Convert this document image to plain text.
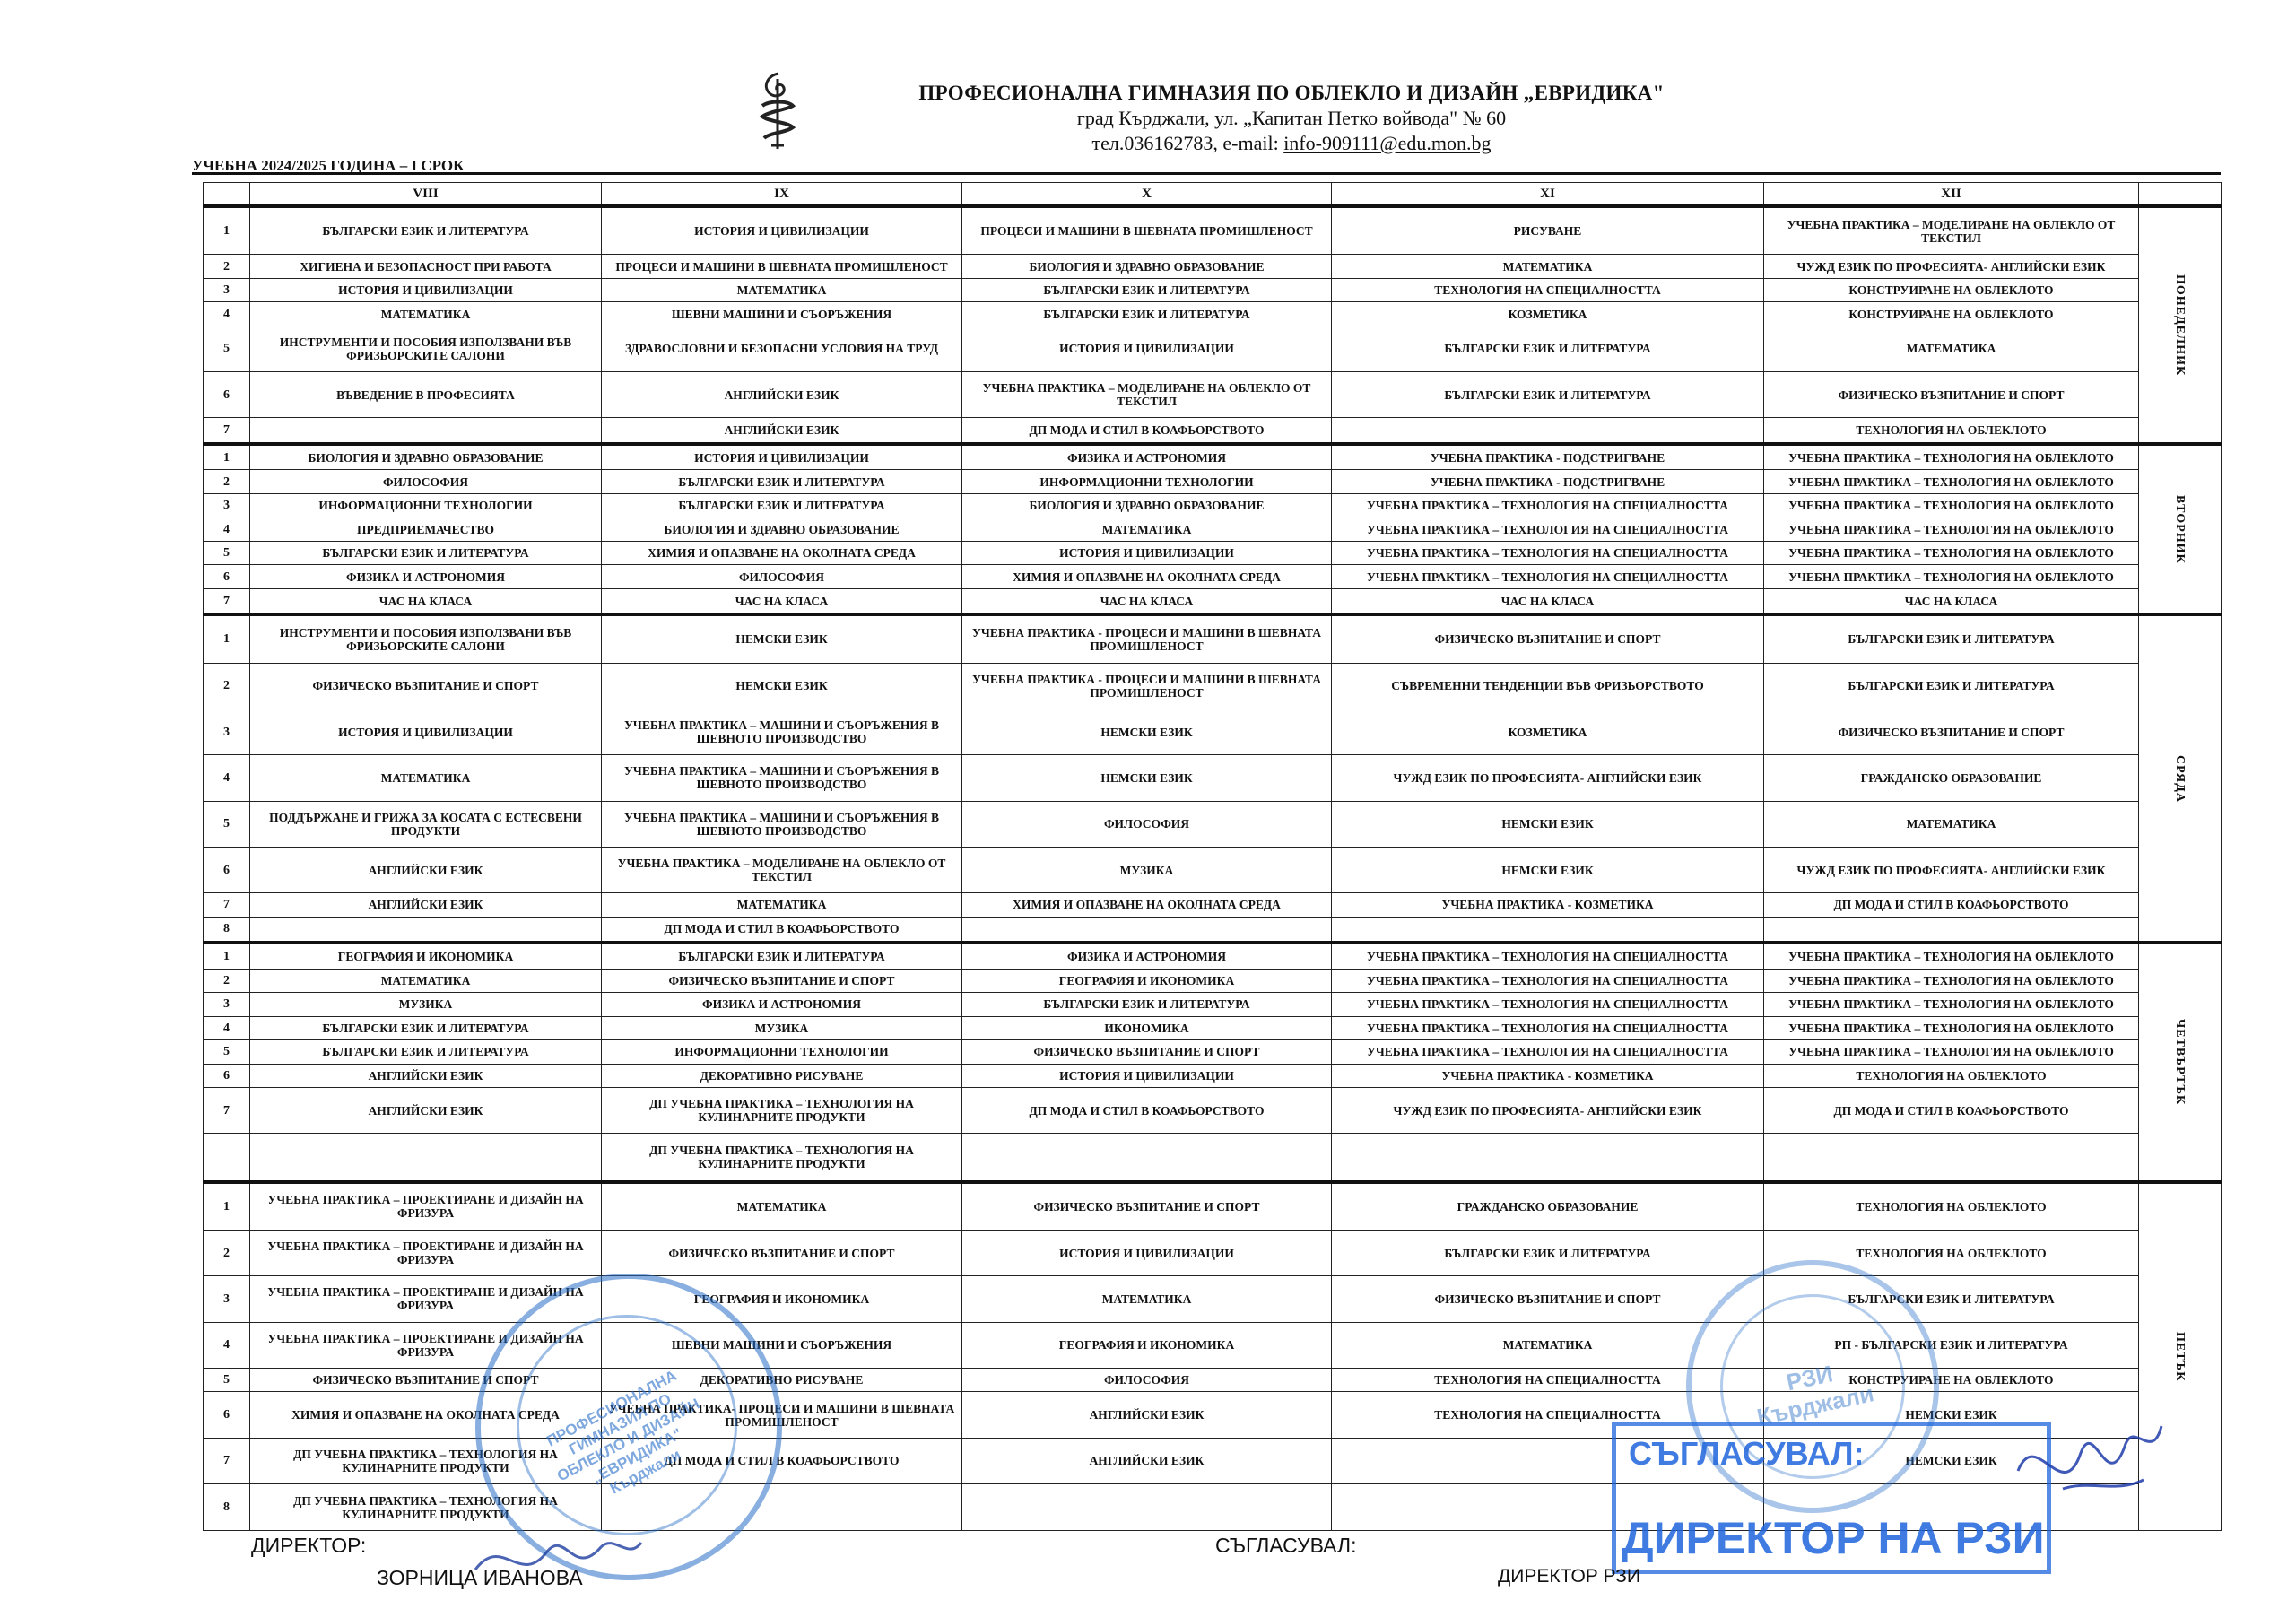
ПРОФЕСИОНАЛНА ГИМНАЗИЯ ПО ОБЛЕКЛО И ДИЗАЙН „ЕВРИДИКА"
град Кърджали, ул. „Капитан Петко войвода" № 60
тел.036162783, e-mail: info-909111@edu.mon.bg
УЧЕБНА 2024/2025 ГОДИНА – I СРОК
	VIII	IX	X	XI	XII	
1	БЪЛГАРСКИ ЕЗИК И ЛИТЕРАТУРА	ИСТОРИЯ И ЦИВИЛИЗАЦИИ	ПРОЦЕСИ И МАШИНИ В ШЕВНАТА ПРОМИШЛЕНОСТ	РИСУВАНЕ	УЧЕБНА ПРАКТИКА – МОДЕЛИРАНЕ НА ОБЛЕКЛО ОТ ТЕКСТИЛ	ПОНЕДЕЛНИК

2	ХИГИЕНА И БЕЗОПАСНОСТ ПРИ РАБОТА	ПРОЦЕСИ И МАШИНИ В ШЕВНАТА ПРОМИШЛЕНОСТ	БИОЛОГИЯ И ЗДРАВНО ОБРАЗОВАНИЕ	МАТЕМАТИКА	ЧУЖД ЕЗИК ПО ПРОФЕСИЯТА- АНГЛИЙСКИ ЕЗИК	
3	ИСТОРИЯ И ЦИВИЛИЗАЦИИ	МАТЕМАТИКА	БЪЛГАРСКИ ЕЗИК И ЛИТЕРАТУРА	ТЕХНОЛОГИЯ НА СПЕЦИАЛНОСТТА	КОНСТРУИРАНЕ НА ОБЛЕКЛОТО	
4	МАТЕМАТИКА	ШЕВНИ МАШИНИ И СЪОРЪЖЕНИЯ	БЪЛГАРСКИ ЕЗИК И ЛИТЕРАТУРА	КОЗМЕТИКА	КОНСТРУИРАНЕ НА ОБЛЕКЛОТО	
5	ИНСТРУМЕНТИ И ПОСОБИЯ ИЗПОЛЗВАНИ ВЪВ ФРИЗЬОРСКИТЕ САЛОНИ	ЗДРАВОСЛОВНИ И БЕЗОПАСНИ УСЛОВИЯ НА ТРУД	ИСТОРИЯ И ЦИВИЛИЗАЦИИ	БЪЛГАРСКИ ЕЗИК И ЛИТЕРАТУРА	МАТЕМАТИКА	
6	ВЪВЕДЕНИЕ В ПРОФЕСИЯТА	АНГЛИЙСКИ ЕЗИК	УЧЕБНА ПРАКТИКА – МОДЕЛИРАНЕ НА ОБЛЕКЛО ОТ ТЕКСТИЛ	БЪЛГАРСКИ ЕЗИК И ЛИТЕРАТУРА	ФИЗИЧЕСКО ВЪЗПИТАНИЕ И СПОРТ	
7		АНГЛИЙСКИ ЕЗИК	ДП МОДА И СТИЛ В КОАФЬОРСТВОТО		ТЕХНОЛОГИЯ НА ОБЛЕКЛОТО	
1	БИОЛОГИЯ И ЗДРАВНО ОБРАЗОВАНИЕ	ИСТОРИЯ И ЦИВИЛИЗАЦИИ	ФИЗИКА И АСТРОНОМИЯ	УЧЕБНА ПРАКТИКА - ПОДСТРИГВАНЕ	УЧЕБНА ПРАКТИКА – ТЕХНОЛОГИЯ НА ОБЛЕКЛОТО	ВТОРНИК

2	ФИЛОСОФИЯ	БЪЛГАРСКИ ЕЗИК И ЛИТЕРАТУРА	ИНФОРМАЦИОННИ ТЕХНОЛОГИИ	УЧЕБНА ПРАКТИКА - ПОДСТРИГВАНЕ	УЧЕБНА ПРАКТИКА – ТЕХНОЛОГИЯ НА ОБЛЕКЛОТО	
3	ИНФОРМАЦИОННИ ТЕХНОЛОГИИ	БЪЛГАРСКИ ЕЗИК И ЛИТЕРАТУРА	БИОЛОГИЯ И ЗДРАВНО ОБРАЗОВАНИЕ	УЧЕБНА ПРАКТИКА – ТЕХНОЛОГИЯ НА СПЕЦИАЛНОСТТА	УЧЕБНА ПРАКТИКА – ТЕХНОЛОГИЯ НА ОБЛЕКЛОТО	
4	ПРЕДПРИЕМАЧЕСТВО	БИОЛОГИЯ И ЗДРАВНО ОБРАЗОВАНИЕ	МАТЕМАТИКА	УЧЕБНА ПРАКТИКА – ТЕХНОЛОГИЯ НА СПЕЦИАЛНОСТТА	УЧЕБНА ПРАКТИКА – ТЕХНОЛОГИЯ НА ОБЛЕКЛОТО	
5	БЪЛГАРСКИ ЕЗИК И ЛИТЕРАТУРА	ХИМИЯ И ОПАЗВАНЕ НА ОКОЛНАТА СРЕДА	ИСТОРИЯ И ЦИВИЛИЗАЦИИ	УЧЕБНА ПРАКТИКА – ТЕХНОЛОГИЯ НА СПЕЦИАЛНОСТТА	УЧЕБНА ПРАКТИКА – ТЕХНОЛОГИЯ НА ОБЛЕКЛОТО	
6	ФИЗИКА И АСТРОНОМИЯ	ФИЛОСОФИЯ	ХИМИЯ И ОПАЗВАНЕ НА ОКОЛНАТА СРЕДА	УЧЕБНА ПРАКТИКА – ТЕХНОЛОГИЯ НА СПЕЦИАЛНОСТТА	УЧЕБНА ПРАКТИКА – ТЕХНОЛОГИЯ НА ОБЛЕКЛОТО	
7	ЧАС НА КЛАСА	ЧАС НА КЛАСА	ЧАС НА КЛАСА	ЧАС НА КЛАСА	ЧАС НА КЛАСА	
1	ИНСТРУМЕНТИ И ПОСОБИЯ ИЗПОЛЗВАНИ ВЪВ ФРИЗЬОРСКИТЕ САЛОНИ	НЕМСКИ ЕЗИК	УЧЕБНА ПРАКТИКА - ПРОЦЕСИ И МАШИНИ В ШЕВНАТА ПРОМИШЛЕНОСТ	ФИЗИЧЕСКО ВЪЗПИТАНИЕ И СПОРТ	БЪЛГАРСКИ ЕЗИК И ЛИТЕРАТУРА	СРЯДА

2	ФИЗИЧЕСКО ВЪЗПИТАНИЕ И СПОРТ	НЕМСКИ ЕЗИК	УЧЕБНА ПРАКТИКА - ПРОЦЕСИ И МАШИНИ В ШЕВНАТА ПРОМИШЛЕНОСТ	СЪВРЕМЕННИ ТЕНДЕНЦИИ ВЪВ ФРИЗЬОРСТВОТО	БЪЛГАРСКИ ЕЗИК И ЛИТЕРАТУРА	
3	ИСТОРИЯ И ЦИВИЛИЗАЦИИ	УЧЕБНА ПРАКТИКА – МАШИНИ И СЪОРЪЖЕНИЯ В ШЕВНОТО ПРОИЗВОДСТВО	НЕМСКИ ЕЗИК	КОЗМЕТИКА	ФИЗИЧЕСКО ВЪЗПИТАНИЕ И СПОРТ	
4	МАТЕМАТИКА	УЧЕБНА ПРАКТИКА – МАШИНИ И СЪОРЪЖЕНИЯ В ШЕВНОТО ПРОИЗВОДСТВО	НЕМСКИ ЕЗИК	ЧУЖД ЕЗИК ПО ПРОФЕСИЯТА- АНГЛИЙСКИ ЕЗИК	ГРАЖДАНСКО ОБРАЗОВАНИЕ	
5	ПОДДЪРЖАНЕ И ГРИЖА ЗА КОСАТА С ЕСТЕСВЕНИ ПРОДУКТИ	УЧЕБНА ПРАКТИКА – МАШИНИ И СЪОРЪЖЕНИЯ В ШЕВНОТО ПРОИЗВОДСТВО	ФИЛОСОФИЯ	НЕМСКИ ЕЗИК	МАТЕМАТИКА	
6	АНГЛИЙСКИ ЕЗИК	УЧЕБНА ПРАКТИКА – МОДЕЛИРАНЕ НА ОБЛЕКЛО ОТ ТЕКСТИЛ	МУЗИКА	НЕМСКИ ЕЗИК	ЧУЖД ЕЗИК ПО ПРОФЕСИЯТА- АНГЛИЙСКИ ЕЗИК	
7	АНГЛИЙСКИ ЕЗИК	МАТЕМАТИКА	ХИМИЯ И ОПАЗВАНЕ НА ОКОЛНАТА СРЕДА	УЧЕБНА ПРАКТИКА - КОЗМЕТИКА	ДП МОДА И СТИЛ В КОАФЬОРСТВОТО	
8		ДП МОДА И СТИЛ В КОАФЬОРСТВОТО				
1	ГЕОГРАФИЯ И ИКОНОМИКА	БЪЛГАРСКИ ЕЗИК И ЛИТЕРАТУРА	ФИЗИКА И АСТРОНОМИЯ	УЧЕБНА ПРАКТИКА – ТЕХНОЛОГИЯ НА СПЕЦИАЛНОСТТА	УЧЕБНА ПРАКТИКА – ТЕХНОЛОГИЯ НА ОБЛЕКЛОТО	ЧЕТВЪРТЪК

2	МАТЕМАТИКА	ФИЗИЧЕСКО ВЪЗПИТАНИЕ И СПОРТ	ГЕОГРАФИЯ И ИКОНОМИКА	УЧЕБНА ПРАКТИКА – ТЕХНОЛОГИЯ НА СПЕЦИАЛНОСТТА	УЧЕБНА ПРАКТИКА – ТЕХНОЛОГИЯ НА ОБЛЕКЛОТО	
3	МУЗИКА	ФИЗИКА И АСТРОНОМИЯ	БЪЛГАРСКИ ЕЗИК И ЛИТЕРАТУРА	УЧЕБНА ПРАКТИКА – ТЕХНОЛОГИЯ НА СПЕЦИАЛНОСТТА	УЧЕБНА ПРАКТИКА – ТЕХНОЛОГИЯ НА ОБЛЕКЛОТО	
4	БЪЛГАРСКИ ЕЗИК И ЛИТЕРАТУРА	МУЗИКА	ИКОНОМИКА	УЧЕБНА ПРАКТИКА – ТЕХНОЛОГИЯ НА СПЕЦИАЛНОСТТА	УЧЕБНА ПРАКТИКА – ТЕХНОЛОГИЯ НА ОБЛЕКЛОТО	
5	БЪЛГАРСКИ ЕЗИК И ЛИТЕРАТУРА	ИНФОРМАЦИОННИ ТЕХНОЛОГИИ	ФИЗИЧЕСКО ВЪЗПИТАНИЕ И СПОРТ	УЧЕБНА ПРАКТИКА – ТЕХНОЛОГИЯ НА СПЕЦИАЛНОСТТА	УЧЕБНА ПРАКТИКА – ТЕХНОЛОГИЯ НА ОБЛЕКЛОТО	
6	АНГЛИЙСКИ ЕЗИК	ДЕКОРАТИВНО РИСУВАНЕ	ИСТОРИЯ И ЦИВИЛИЗАЦИИ	УЧЕБНА ПРАКТИКА - КОЗМЕТИКА	ТЕХНОЛОГИЯ НА ОБЛЕКЛОТО	
7	АНГЛИЙСКИ ЕЗИК	ДП УЧЕБНА ПРАКТИКА – ТЕХНОЛОГИЯ НА КУЛИНАРНИТЕ ПРОДУКТИ	ДП МОДА И СТИЛ В КОАФЬОРСТВОТО	ЧУЖД ЕЗИК ПО ПРОФЕСИЯТА- АНГЛИЙСКИ ЕЗИК	ДП МОДА И СТИЛ В КОАФЬОРСТВОТО	
		ДП УЧЕБНА ПРАКТИКА – ТЕХНОЛОГИЯ НА КУЛИНАРНИТЕ ПРОДУКТИ				
1	УЧЕБНА ПРАКТИКА – ПРОЕКТИРАНЕ И ДИЗАЙН НА ФРИЗУРА	МАТЕМАТИКА	ФИЗИЧЕСКО ВЪЗПИТАНИЕ И СПОРТ	ГРАЖДАНСКО ОБРАЗОВАНИЕ	ТЕХНОЛОГИЯ НА ОБЛЕКЛОТО	ПЕТЪК

2	УЧЕБНА ПРАКТИКА – ПРОЕКТИРАНЕ И ДИЗАЙН НА ФРИЗУРА	ФИЗИЧЕСКО ВЪЗПИТАНИЕ И СПОРТ	ИСТОРИЯ И ЦИВИЛИЗАЦИИ	БЪЛГАРСКИ ЕЗИК И ЛИТЕРАТУРА	ТЕХНОЛОГИЯ НА ОБЛЕКЛОТО	
3	УЧЕБНА ПРАКТИКА – ПРОЕКТИРАНЕ И ДИЗАЙН НА ФРИЗУРА	ГЕОГРАФИЯ И ИКОНОМИКА	МАТЕМАТИКА	ФИЗИЧЕСКО ВЪЗПИТАНИЕ И СПОРТ	БЪЛГАРСКИ ЕЗИК И ЛИТЕРАТУРА	
4	УЧЕБНА ПРАКТИКА – ПРОЕКТИРАНЕ И ДИЗАЙН НА ФРИЗУРА	ШЕВНИ МАШИНИ И СЪОРЪЖЕНИЯ	ГЕОГРАФИЯ И ИКОНОМИКА	МАТЕМАТИКА	РП - БЪЛГАРСКИ ЕЗИК И ЛИТЕРАТУРА	
5	ФИЗИЧЕСКО ВЪЗПИТАНИЕ И СПОРТ	ДЕКОРАТИВНО РИСУВАНЕ	ФИЛОСОФИЯ	ТЕХНОЛОГИЯ НА СПЕЦИАЛНОСТТА	КОНСТРУИРАНЕ НА ОБЛЕКЛОТО	
6	ХИМИЯ И ОПАЗВАНЕ НА ОКОЛНАТА СРЕДА	УЧЕБНА ПРАКТИКА- ПРОЦЕСИ И МАШИНИ В ШЕВНАТА ПРОМИШЛЕНОСТ	АНГЛИЙСКИ ЕЗИК	ТЕХНОЛОГИЯ НА СПЕЦИАЛНОСТТА	НЕМСКИ ЕЗИК	
7	ДП УЧЕБНА ПРАКТИКА – ТЕХНОЛОГИЯ НА КУЛИНАРНИТЕ ПРОДУКТИ	ДП МОДА И СТИЛ В КОАФЬОРСТВОТО	АНГЛИЙСКИ ЕЗИК		НЕМСКИ ЕЗИК	
8	ДП УЧЕБНА ПРАКТИКА – ТЕХНОЛОГИЯ НА КУЛИНАРНИТЕ ПРОДУКТИ					
ПРОФЕСИОНАЛНА ГИМНАЗИЯ ПО ОБЛЕКЛО И ДИЗАЙН „ЕВРИДИКА" Кърджали
РЗИ Кърджали
СЪГЛАСУВАЛ:
ДИРЕКТОР НА РЗИ
ДИРЕКТОР:
ЗОРНИЦА ИВАНОВА
СЪГЛАСУВАЛ:
ДИРЕКТОР РЗИ
